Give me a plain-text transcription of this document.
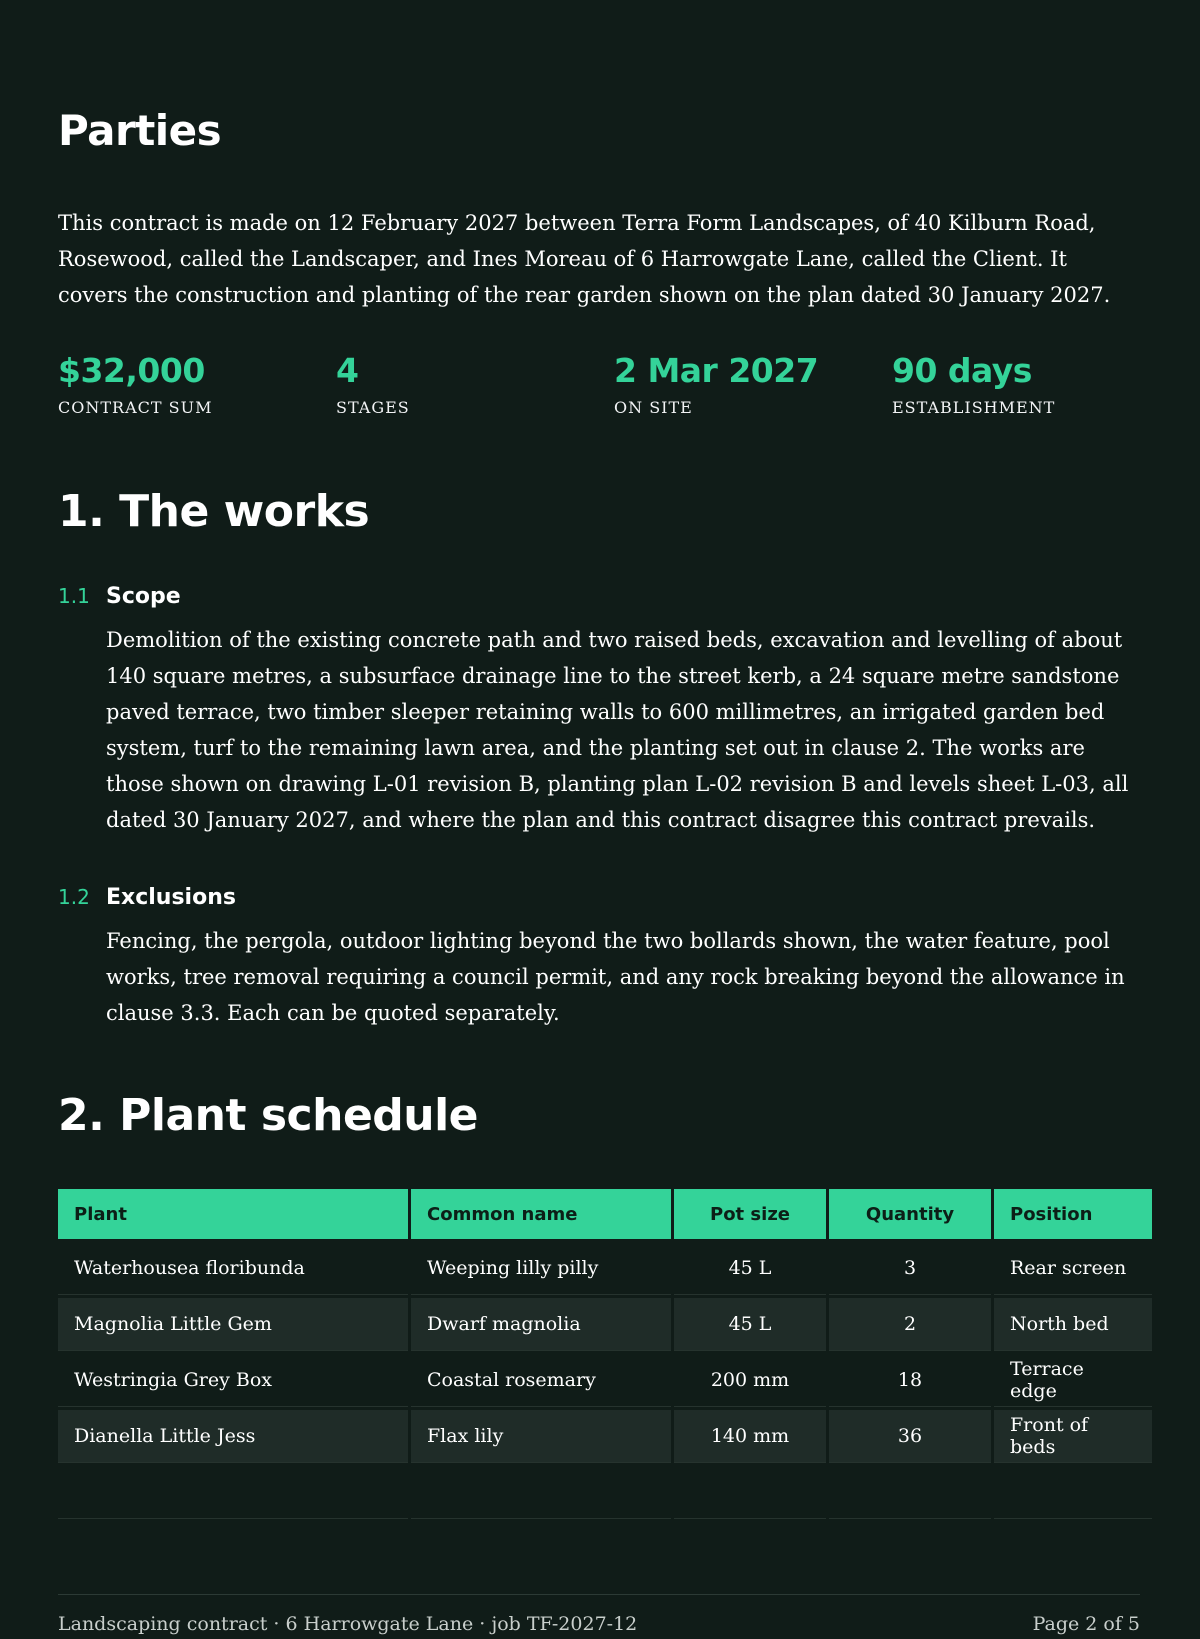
Parties

This contract is made on 12 February 2027 between Terra Form Landscapes, of 40 Kilburn Road, Rosewood, called the Landscaper, and Ines Moreau of 6 Harrowgate Lane, called the Client. It covers the construction and planting of the rear garden shown on the plan dated 30 January 2027.

$32,000
CONTRACT SUM
4
STAGES
2 Mar 2027
ON SITE
90 days
ESTABLISHMENT
1. The works
1.1 Scope
Demolition of the existing concrete path and two raised beds, excavation and levelling of about 140 square metres, a subsurface drainage line to the street kerb, a 24 square metre sandstone paved terrace, two timber sleeper retaining walls to 600 millimetres, an irrigated garden bed system, turf to the remaining lawn area, and the planting set out in clause 2. The works are those shown on drawing L-01 revision B, planting plan L-02 revision B and levels sheet L-03, all dated 30 January 2027, and where the plan and this contract disagree this contract prevails.
1.2 Exclusions
Fencing, the pergola, outdoor lighting beyond the two bollards shown, the water feature, pool works, tree removal requiring a council permit, and any rock breaking beyond the allowance in clause 3.3. Each can be quoted separately.
2. Plant schedule
Plant	Common name	Pot size	Quantity	Position
Waterhousea floribunda	Weeping lilly pilly	45 L	3	Rear screen
Magnolia Little Gem	Dwarf magnolia	45 L	2	North bed
Westringia Grey Box	Coastal rosemary	200 mm	18	Terrace edge
Dianella Little Jess	Flax lily	140 mm	36	Front of beds

Landscaping contract · 6 Harrowgate Lane · job TF-2027-12	Page 2 of 5
